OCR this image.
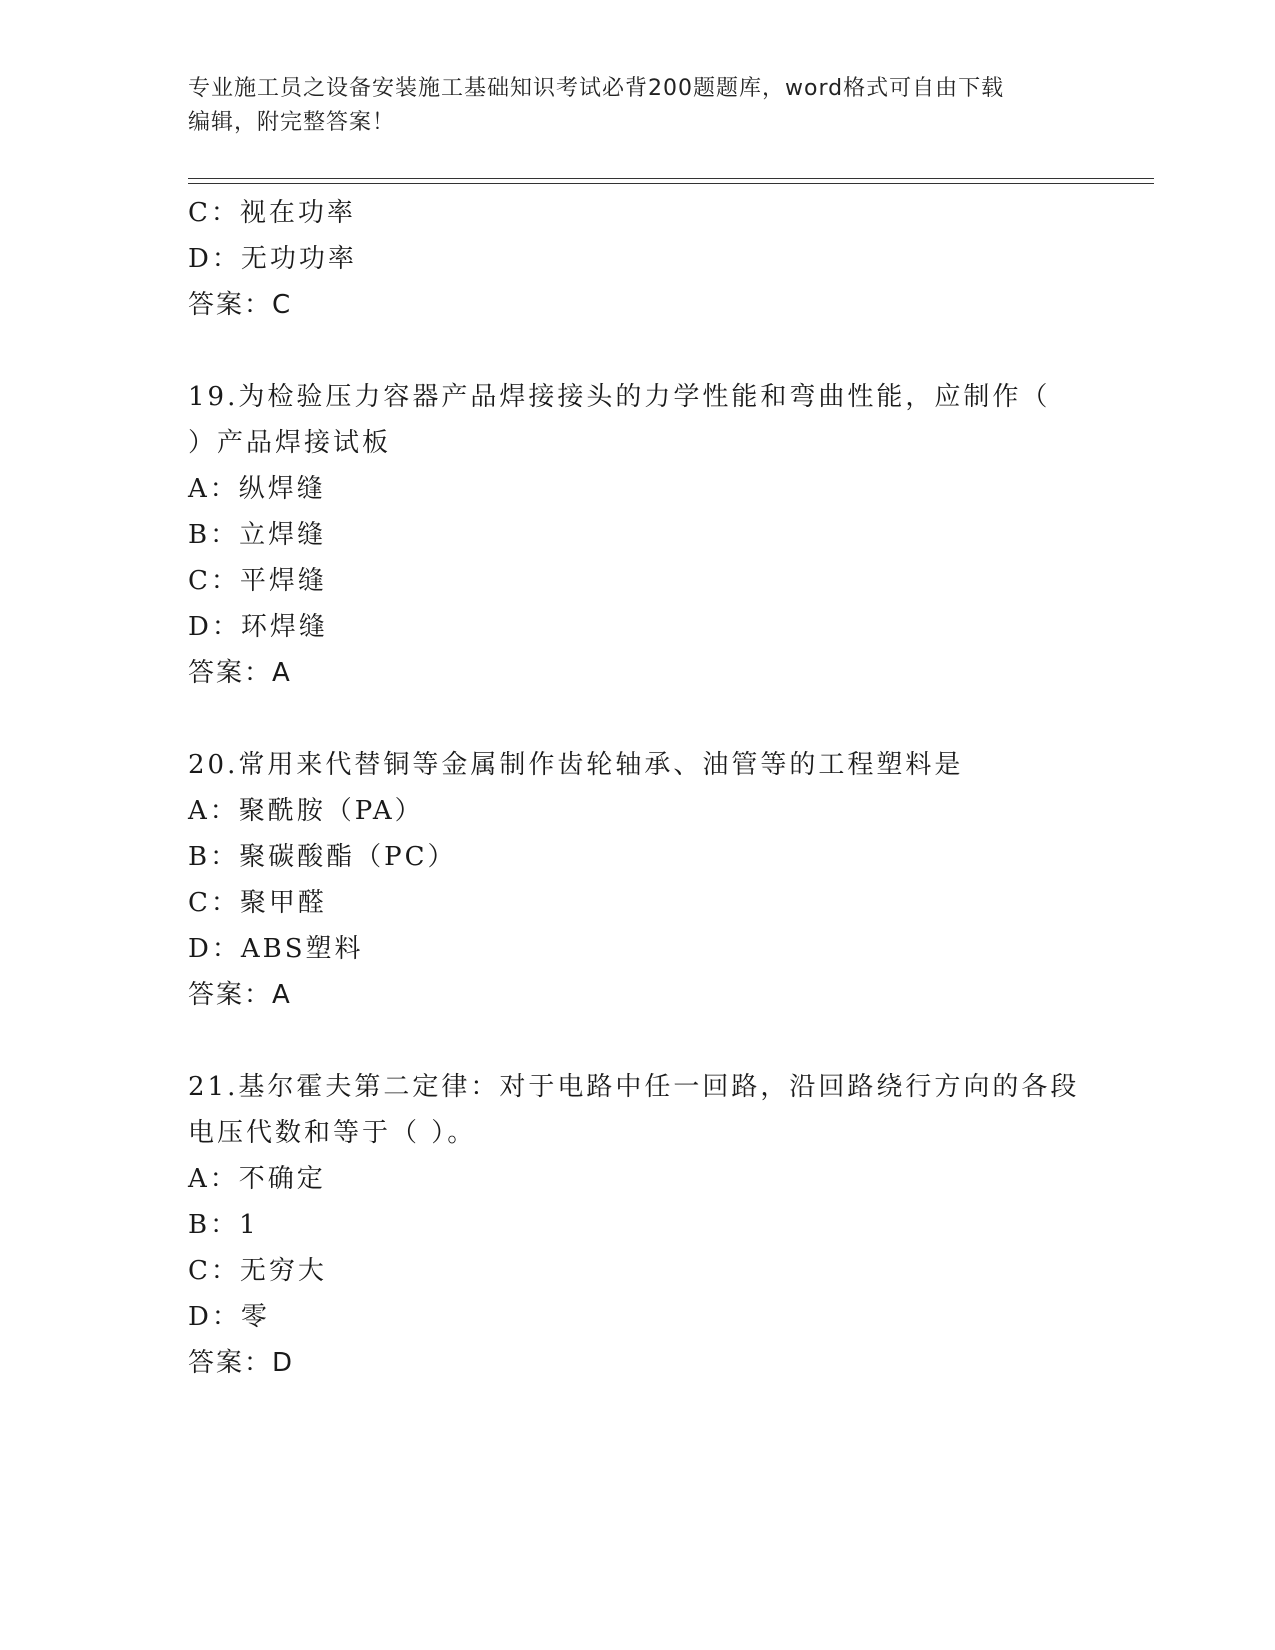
专业施工员之设备安装施工基础知识考试必背200题题库，word格式可自由下载
编辑，附完整答案！
C：视在功率
D：无功功率
答案：C
19.为检验压力容器产品焊接接头的力学性能和弯曲性能，应制作（
）产品焊接试板
A：纵焊缝
B：立焊缝
C：平焊缝
D：环焊缝
答案：A
20.常用来代替铜等金属制作齿轮轴承、油管等的工程塑料是
A：聚酰胺（PA）
B：聚碳酸酯（PC）
C：聚甲醛
D：ABS塑料
答案：A
21.基尔霍夫第二定律：对于电路中任一回路，沿回路绕行方向的各段
电压代数和等于（ ）。
A：不确定
B：1
C：无穷大
D：零
答案：D
